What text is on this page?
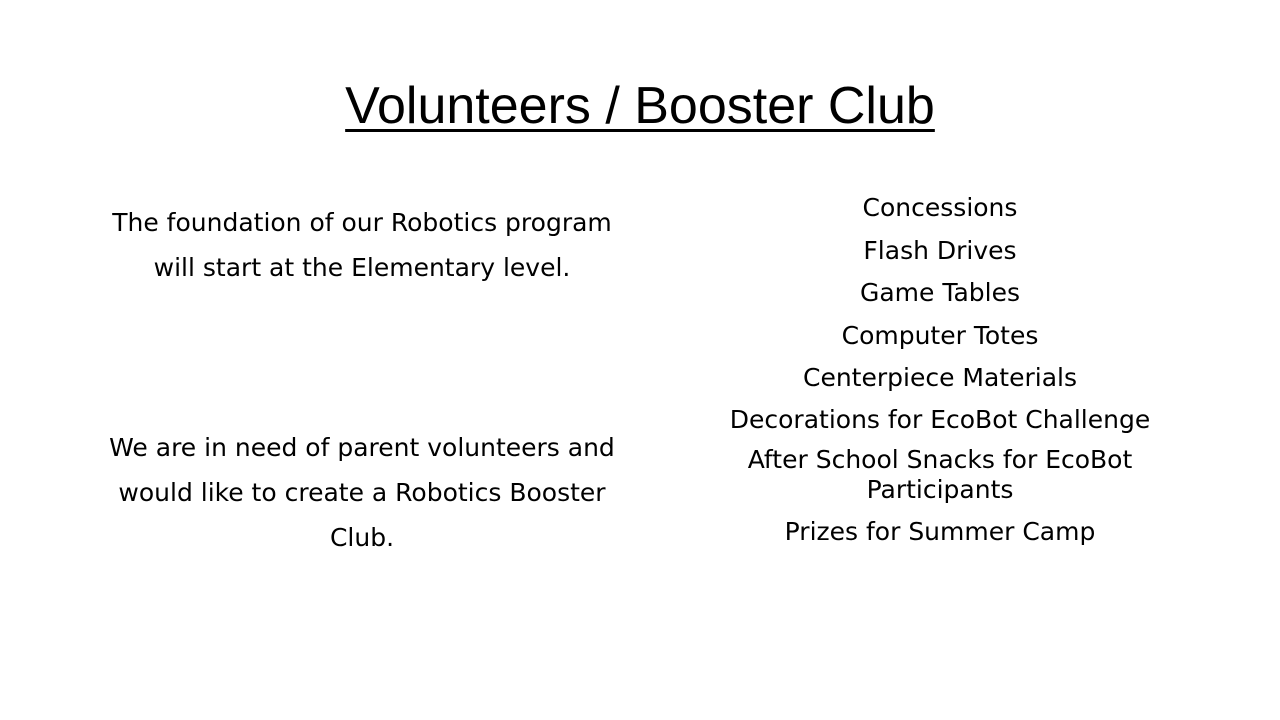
Volunteers / Booster Club
The foundation of our Robotics program will start at the Elementary level.
We are in need of parent volunteers and would like to create a Robotics Booster Club.
Concessions
Flash Drives
Game Tables
Computer Totes
Centerpiece Materials
Decorations for EcoBot Challenge
After School Snacks for EcoBot Participants
Prizes for Summer Camp
